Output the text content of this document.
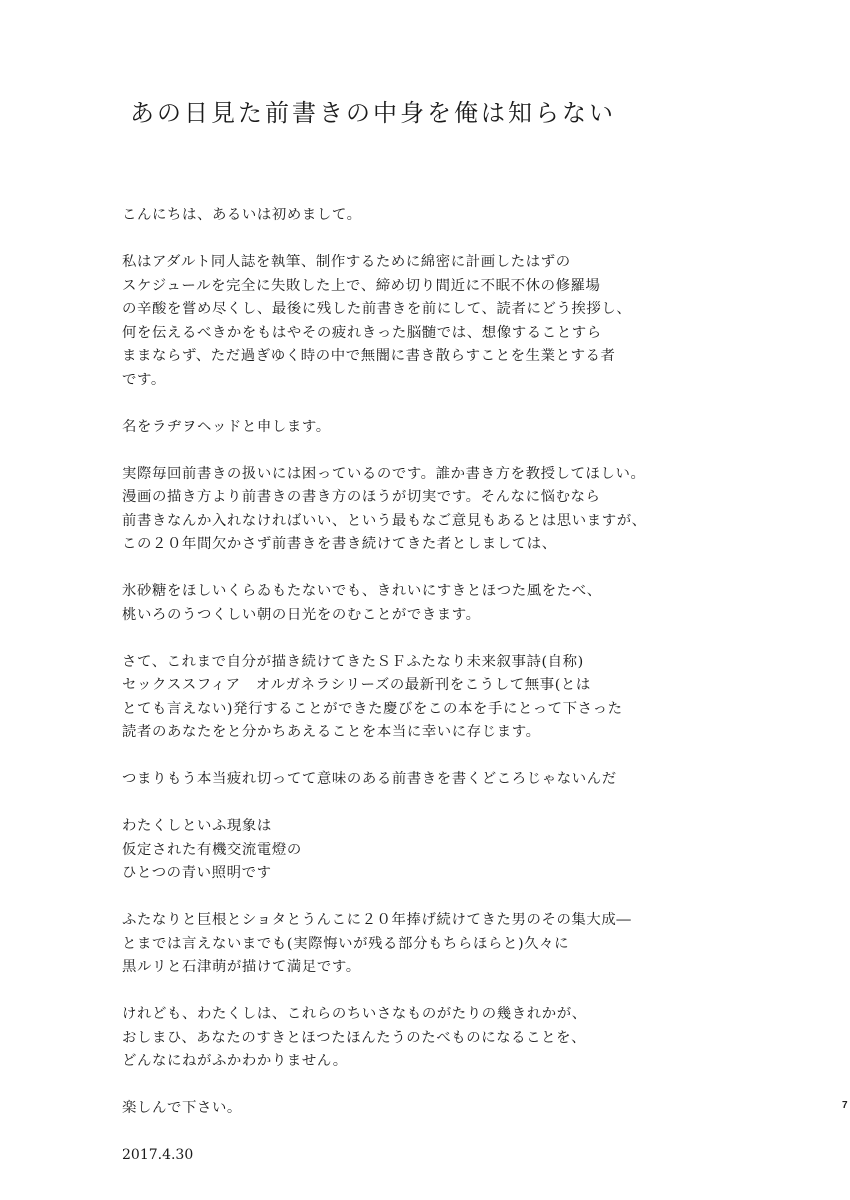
あの日見た前書きの中身を俺は知らない
こんにちは、あるいは初めまして。
私はアダルト同人誌を執筆、制作するために綿密に計画したはずの
スケジュールを完全に失敗した上で、締め切り間近に不眠不休の修羅場
の辛酸を嘗め尽くし、最後に残した前書きを前にして、読者にどう挨拶し、
何を伝えるべきかをもはやその疲れきった脳髄では、想像することすら
ままならず、ただ過ぎゆく時の中で無闇に書き散らすことを生業とする者
です。
名をラヂヲヘッドと申します。
実際毎回前書きの扱いには困っているのです。誰か書き方を教授してほしい。
漫画の描き方より前書きの書き方のほうが切実です。そんなに悩むなら
前書きなんか入れなければいい、という最もなご意見もあるとは思いますが、
この２０年間欠かさず前書きを書き続けてきた者としましては、
氷砂糖をほしいくらゐもたないでも、きれいにすきとほつた風をたべ、
桃いろのうつくしい朝の日光をのむことができます。
さて、これまで自分が描き続けてきたＳＦふたなり未来叙事詩(自称)
セックススフィア　オルガネラシリーズの最新刊をこうして無事(とは
とても言えない)発行することができた慶びをこの本を手にとって下さった
読者のあなたをと分かちあえることを本当に幸いに存じます。
つまりもう本当疲れ切ってて意味のある前書きを書くどころじゃないんだ
わたくしといふ現象は
仮定された有機交流電燈の
ひとつの青い照明です
ふたなりと巨根とショタとうんこに２０年捧げ続けてきた男のその集大成―
とまでは言えないまでも(実際悔いが残る部分もちらほらと)久々に
黒ルリと石津萌が描けて満足です。
けれども、わたくしは、これらのちいさなものがたりの幾きれかが、
おしまひ、あなたのすきとほつたほんたうのたべものになることを、
どんなにねがふかわかりません。
楽しんで下さい。
2017.4.30
7
